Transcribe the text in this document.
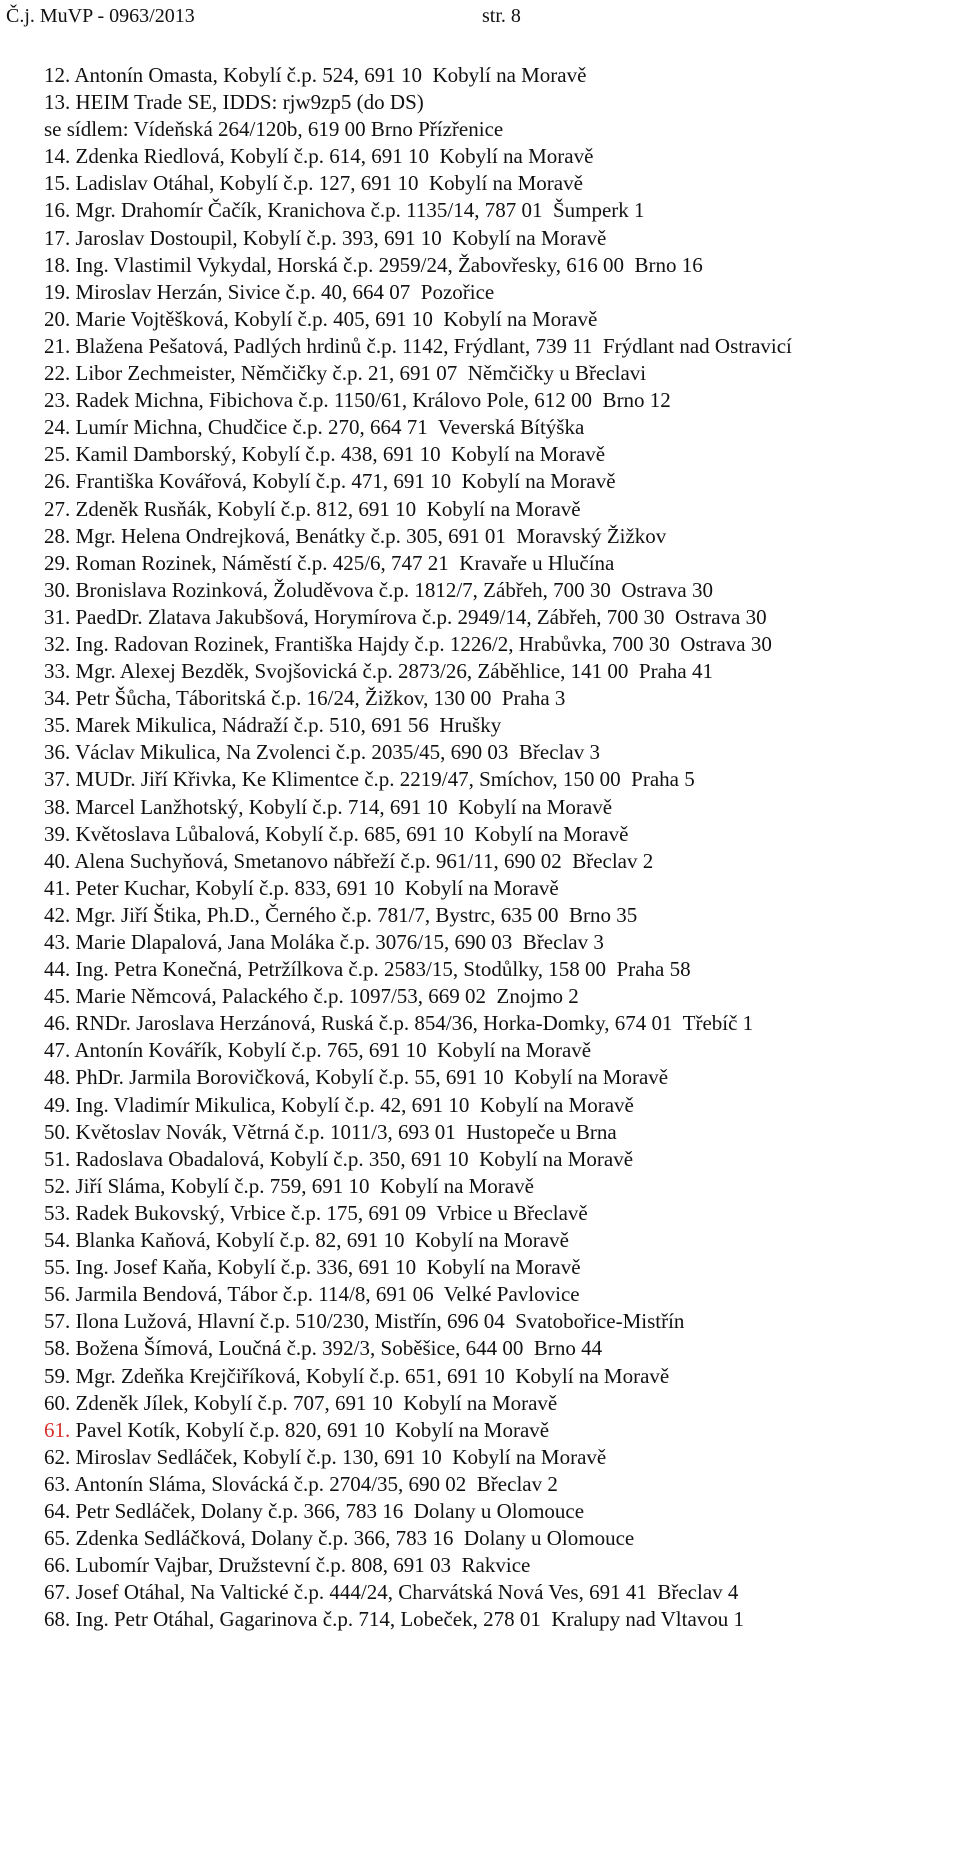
Č.j. MuVP - 0963/2013	str. 8
12. Antonín Omasta, Kobylí č.p. 524, 691 10  Kobylí na Moravě
13. HEIM Trade SE, IDDS: rjw9zp5 (do DS)
se sídlem: Vídeňská 264/120b, 619 00 Brno Přízřenice
14. Zdenka Riedlová, Kobylí č.p. 614, 691 10  Kobylí na Moravě
15. Ladislav Otáhal, Kobylí č.p. 127, 691 10  Kobylí na Moravě
16. Mgr. Drahomír Čačík, Kranichova č.p. 1135/14, 787 01  Šumperk 1
17. Jaroslav Dostoupil, Kobylí č.p. 393, 691 10  Kobylí na Moravě
18. Ing. Vlastimil Vykydal, Horská č.p. 2959/24, Žabovřesky, 616 00  Brno 16
19. Miroslav Herzán, Sivice č.p. 40, 664 07  Pozořice
20. Marie Vojtěšková, Kobylí č.p. 405, 691 10  Kobylí na Moravě
21. Blažena Pešatová, Padlých hrdinů č.p. 1142, Frýdlant, 739 11  Frýdlant nad Ostravicí
22. Libor Zechmeister, Němčičky č.p. 21, 691 07  Němčičky u Břeclavi
23. Radek Michna, Fibichova č.p. 1150/61, Královo Pole, 612 00  Brno 12
24. Lumír Michna, Chudčice č.p. 270, 664 71  Veverská Bítýška
25. Kamil Damborský, Kobylí č.p. 438, 691 10  Kobylí na Moravě
26. Františka Kovářová, Kobylí č.p. 471, 691 10  Kobylí na Moravě
27. Zdeněk Rusňák, Kobylí č.p. 812, 691 10  Kobylí na Moravě
28. Mgr. Helena Ondrejková, Benátky č.p. 305, 691 01  Moravský Žižkov
29. Roman Rozinek, Náměstí č.p. 425/6, 747 21  Kravaře u Hlučína
30. Bronislava Rozinková, Žoluděvova č.p. 1812/7, Zábřeh, 700 30  Ostrava 30
31. PaedDr. Zlatava Jakubšová, Horymírova č.p. 2949/14, Zábřeh, 700 30  Ostrava 30
32. Ing. Radovan Rozinek, Františka Hajdy č.p. 1226/2, Hrabůvka, 700 30  Ostrava 30
33. Mgr. Alexej Bezděk, Svojšovická č.p. 2873/26, Záběhlice, 141 00  Praha 41
34. Petr Šůcha, Táboritská č.p. 16/24, Žižkov, 130 00  Praha 3
35. Marek Mikulica, Nádraží č.p. 510, 691 56  Hrušky
36. Václav Mikulica, Na Zvolenci č.p. 2035/45, 690 03  Břeclav 3
37. MUDr. Jiří Křivka, Ke Klimentce č.p. 2219/47, Smíchov, 150 00  Praha 5
38. Marcel Lanžhotský, Kobylí č.p. 714, 691 10  Kobylí na Moravě
39. Květoslava Lůbalová, Kobylí č.p. 685, 691 10  Kobylí na Moravě
40. Alena Suchyňová, Smetanovo nábřeží č.p. 961/11, 690 02  Břeclav 2
41. Peter Kuchar, Kobylí č.p. 833, 691 10  Kobylí na Moravě
42. Mgr. Jiří Štika, Ph.D., Černého č.p. 781/7, Bystrc, 635 00  Brno 35
43. Marie Dlapalová, Jana Moláka č.p. 3076/15, 690 03  Břeclav 3
44. Ing. Petra Konečná, Petržílkova č.p. 2583/15, Stodůlky, 158 00  Praha 58
45. Marie Němcová, Palackého č.p. 1097/53, 669 02  Znojmo 2
46. RNDr. Jaroslava Herzánová, Ruská č.p. 854/36, Horka-Domky, 674 01  Třebíč 1
47. Antonín Kovářík, Kobylí č.p. 765, 691 10  Kobylí na Moravě
48. PhDr. Jarmila Borovičková, Kobylí č.p. 55, 691 10  Kobylí na Moravě
49. Ing. Vladimír Mikulica, Kobylí č.p. 42, 691 10  Kobylí na Moravě
50. Květoslav Novák, Větrná č.p. 1011/3, 693 01  Hustopeče u Brna
51. Radoslava Obadalová, Kobylí č.p. 350, 691 10  Kobylí na Moravě
52. Jiří Sláma, Kobylí č.p. 759, 691 10  Kobylí na Moravě
53. Radek Bukovský, Vrbice č.p. 175, 691 09  Vrbice u Břeclavě
54. Blanka Kaňová, Kobylí č.p. 82, 691 10  Kobylí na Moravě
55. Ing. Josef Kaňa, Kobylí č.p. 336, 691 10  Kobylí na Moravě
56. Jarmila Bendová, Tábor č.p. 114/8, 691 06  Velké Pavlovice
57. Ilona Lužová, Hlavní č.p. 510/230, Mistřín, 696 04  Svatobořice-Mistřín
58. Božena Šímová, Loučná č.p. 392/3, Soběšice, 644 00  Brno 44
59. Mgr. Zdeňka Krejčiříková, Kobylí č.p. 651, 691 10  Kobylí na Moravě
60. Zdeněk Jílek, Kobylí č.p. 707, 691 10  Kobylí na Moravě
61. Pavel Kotík, Kobylí č.p. 820, 691 10  Kobylí na Moravě
62. Miroslav Sedláček, Kobylí č.p. 130, 691 10  Kobylí na Moravě
63. Antonín Sláma, Slovácká č.p. 2704/35, 690 02  Břeclav 2
64. Petr Sedláček, Dolany č.p. 366, 783 16  Dolany u Olomouce
65. Zdenka Sedláčková, Dolany č.p. 366, 783 16  Dolany u Olomouce
66. Lubomír Vajbar, Družstevní č.p. 808, 691 03  Rakvice
67. Josef Otáhal, Na Valtické č.p. 444/24, Charvátská Nová Ves, 691 41  Břeclav 4
68. Ing. Petr Otáhal, Gagarinova č.p. 714, Lobeček, 278 01  Kralupy nad Vltavou 1
